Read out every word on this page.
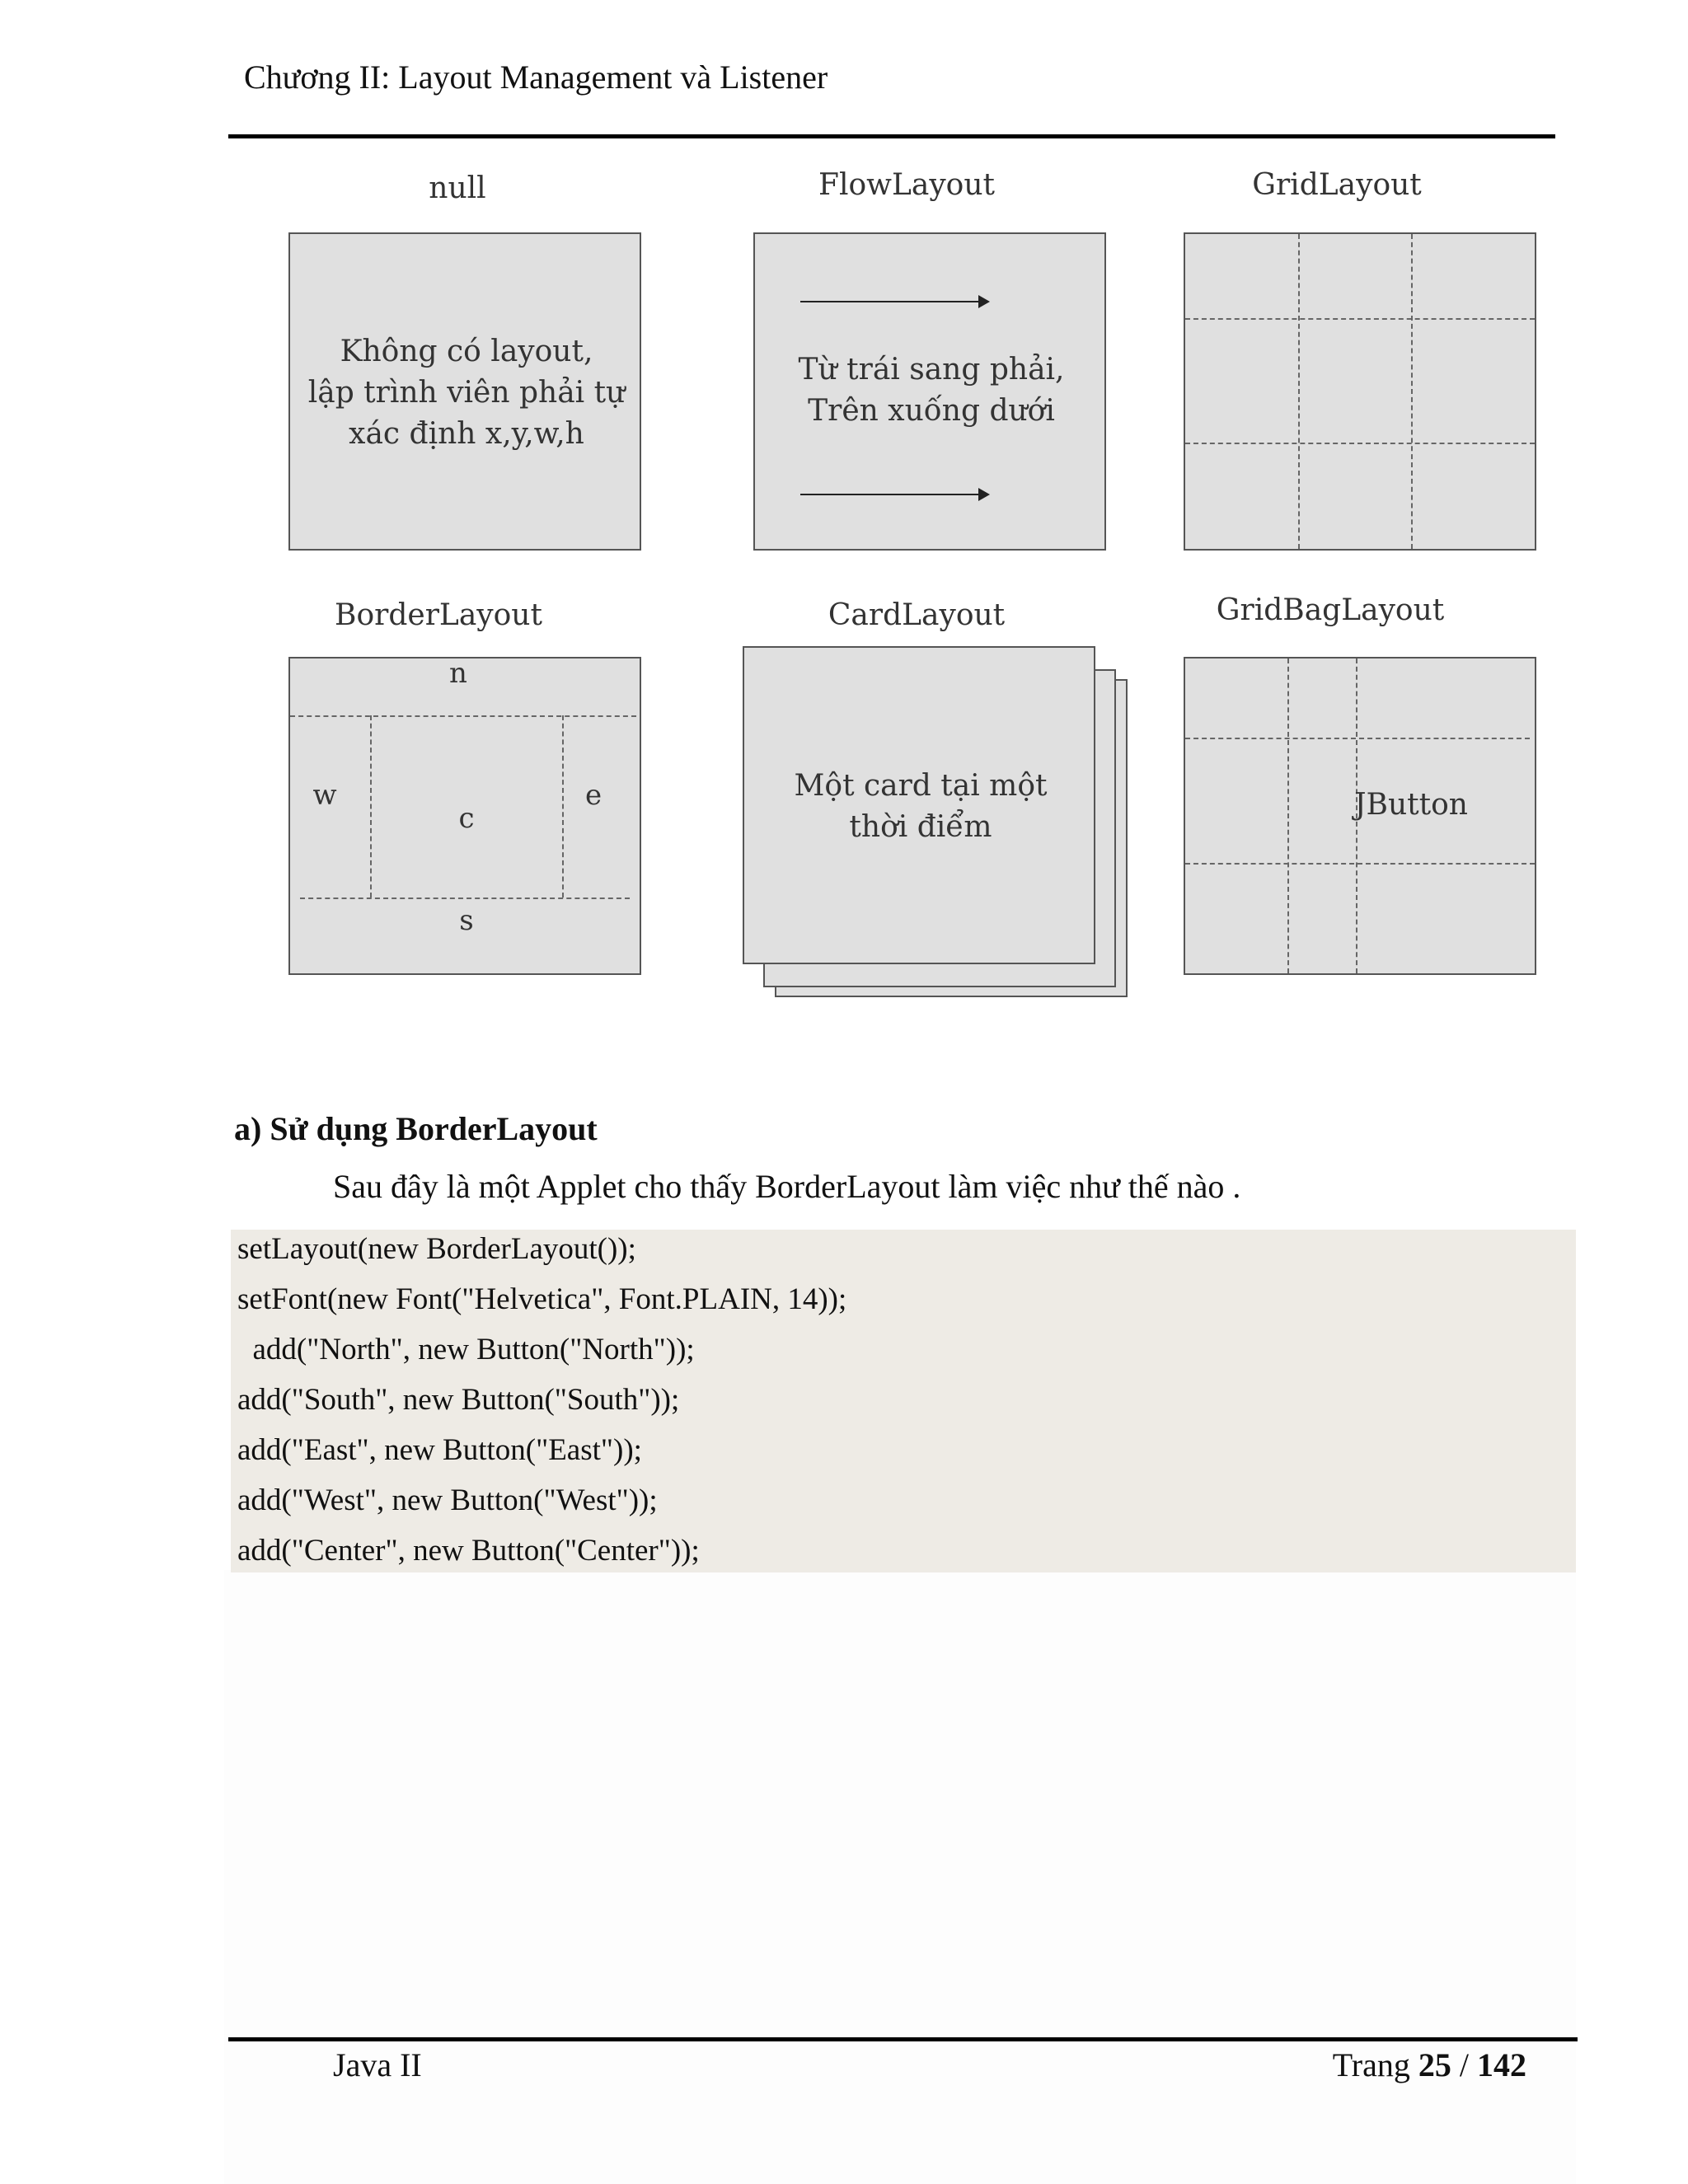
Chương II: Layout Management và Listener
null
Không có layout,
lập trình viên phải tự
xác định x,y,w,h
FlowLayout
Từ trái sang phải,
Trên xuống dưới
GridLayout
BorderLayout
n
w
c
e
s
CardLayout
Một card tại một
thời điểm
GridBagLayout
JButton
a) Sử dụng BorderLayout
Sau đây là một Applet cho thấy BorderLayout làm việc như thế nào .
setLayout(new BorderLayout());
setFont(new Font("Helvetica", Font.PLAIN, 14));
add("North", new Button("North"));
add("South", new Button("South"));
add("East", new Button("East"));
add("West", new Button("West"));
add("Center", new Button("Center"));
Java II	Trang 25 / 142
